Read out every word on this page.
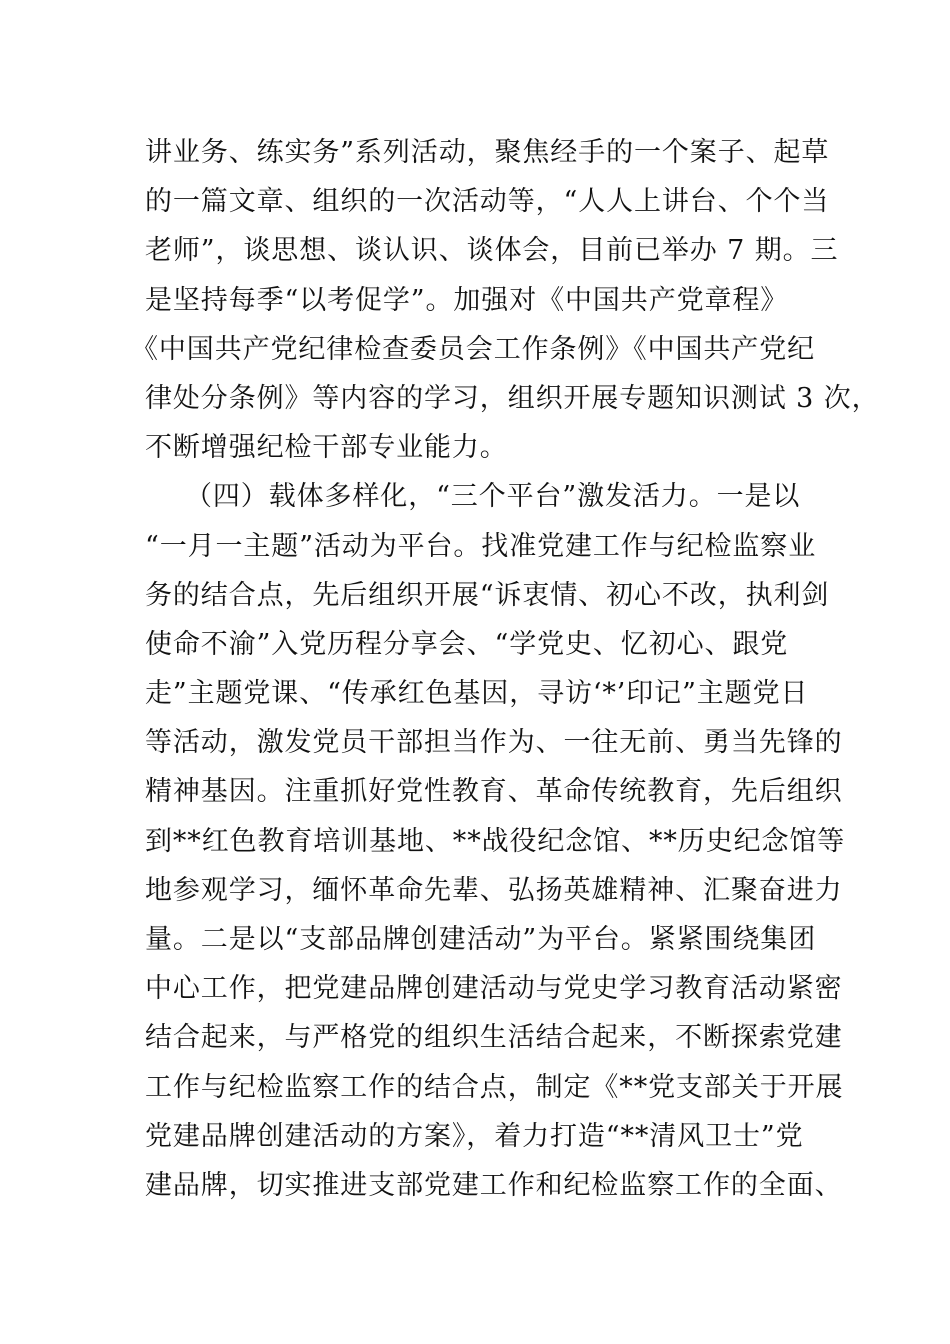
讲业务、练实务”系列活动，聚焦经手的一个案子、起草
的一篇文章、组织的一次活动等，“人人上讲台、个个当
老师”，谈思想、谈认识、谈体会，目前已举办 7 期。三
是坚持每季“以考促学”。加强对《中国共产党章程》
《中国共产党纪律检查委员会工作条例》《中国共产党纪
律处分条例》等内容的学习，组织开展专题知识测试 3 次，
不断增强纪检干部专业能力。
（四）载体多样化，“三个平台”激发活力。一是以
“一月一主题”活动为平台。找准党建工作与纪检监察业
务的结合点，先后组织开展“诉衷情、初心不改，执利剑
使命不渝”入党历程分享会、“学党史、忆初心、跟党
走”主题党课、“传承红色基因，寻访‘*’印记”主题党日
等活动，激发党员干部担当作为、一往无前、勇当先锋的
精神基因。注重抓好党性教育、革命传统教育，先后组织
到**红色教育培训基地、**战役纪念馆、**历史纪念馆等
地参观学习，缅怀革命先辈、弘扬英雄精神、汇聚奋进力
量。二是以“支部品牌创建活动”为平台。紧紧围绕集团
中心工作，把党建品牌创建活动与党史学习教育活动紧密
结合起来，与严格党的组织生活结合起来，不断探索党建
工作与纪检监察工作的结合点，制定《**党支部关于开展
党建品牌创建活动的方案》，着力打造“**清风卫士”党
建品牌，切实推进支部党建工作和纪检监察工作的全面、
